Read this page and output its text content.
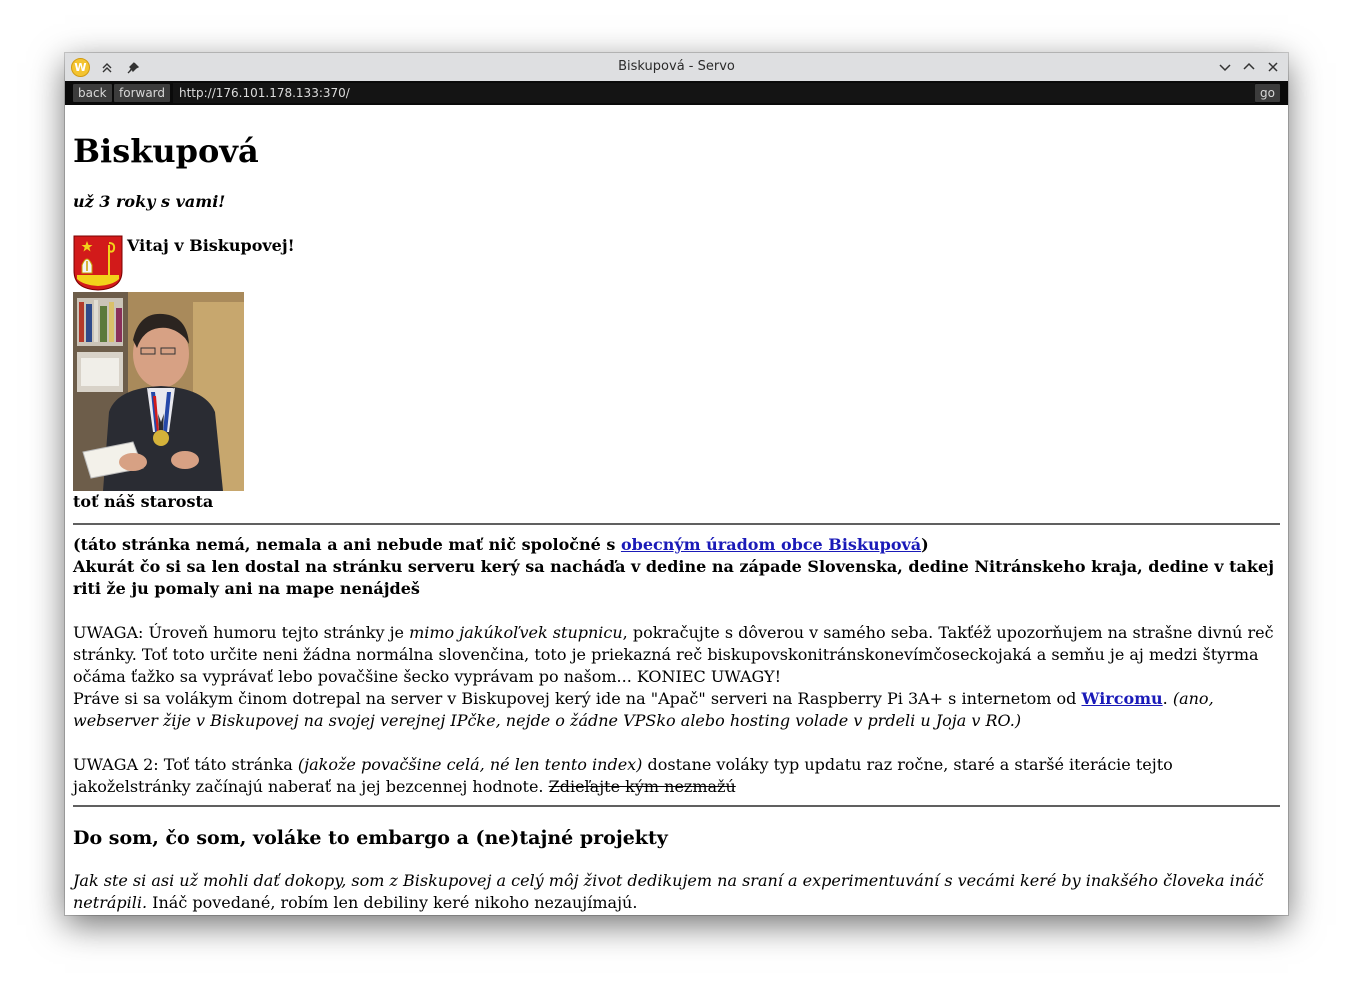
W	Biskupová - Servo
back	forward	http://176.101.178.133:370/	go
Biskupová

už 3 roky s vami!

Vitaj v Biskupovej!
toť náš starosta

(táto stránka nemá, nemala a ani nebude mať nič spoločné s obecným úradom obce Biskupová)

Akurát čo si sa len dostal na stránku serveru kerý sa nacháďa v dedine na západe Slovenska, dedine Nitránskeho kraja, dedine v takej riti že ju pomaly ani na mape nenájdeš

UWAGA: Úroveň humoru tejto stránky je mimo jakúkoľvek stupnicu, pokračujte s dôverou v samého seba. Takťéž upozorňujem na strašne divnú reč stránky. Toť toto určite neni žádna normálna slovenčina, toto je priekazná reč biskupovskonitránskonevímčoseckojaká a semňu je aj medzi štyrma očáma ťažko sa vyprávať lebo povačšine šecko vyprávam po našom... KONIEC UWAGY!
Práve si sa volákym činom dotrepal na server v Biskupovej kerý ide na "Apač" serveri na Raspberry Pi 3A+ s internetom od Wircomu. (ano, webserver žije v Biskupovej na svojej verejnej IPčke, nejde o žádne VPSko alebo hosting volade v prdeli u Joja v RO.)

UWAGA 2: Toť táto stránka (jakože povačšine celá, né len tento index) dostane voláky typ updatu raz ročne, staré a staršé iterácie tejto jakoželstránky začínajú naberať na jej bezcennej hodnote. Zdieľajte kým nezmažú

Do som, čo som, voláke to embargo a (ne)tajné projekty

Jak ste si asi už mohli dať dokopy, som z Biskupovej a celý môj život dedikujem na sraní a experimentuvání s vecámi keré by inakšého človeka ináč netrápili. Ináč povedané, robím len debiliny keré nikoho nezaujímajú.
